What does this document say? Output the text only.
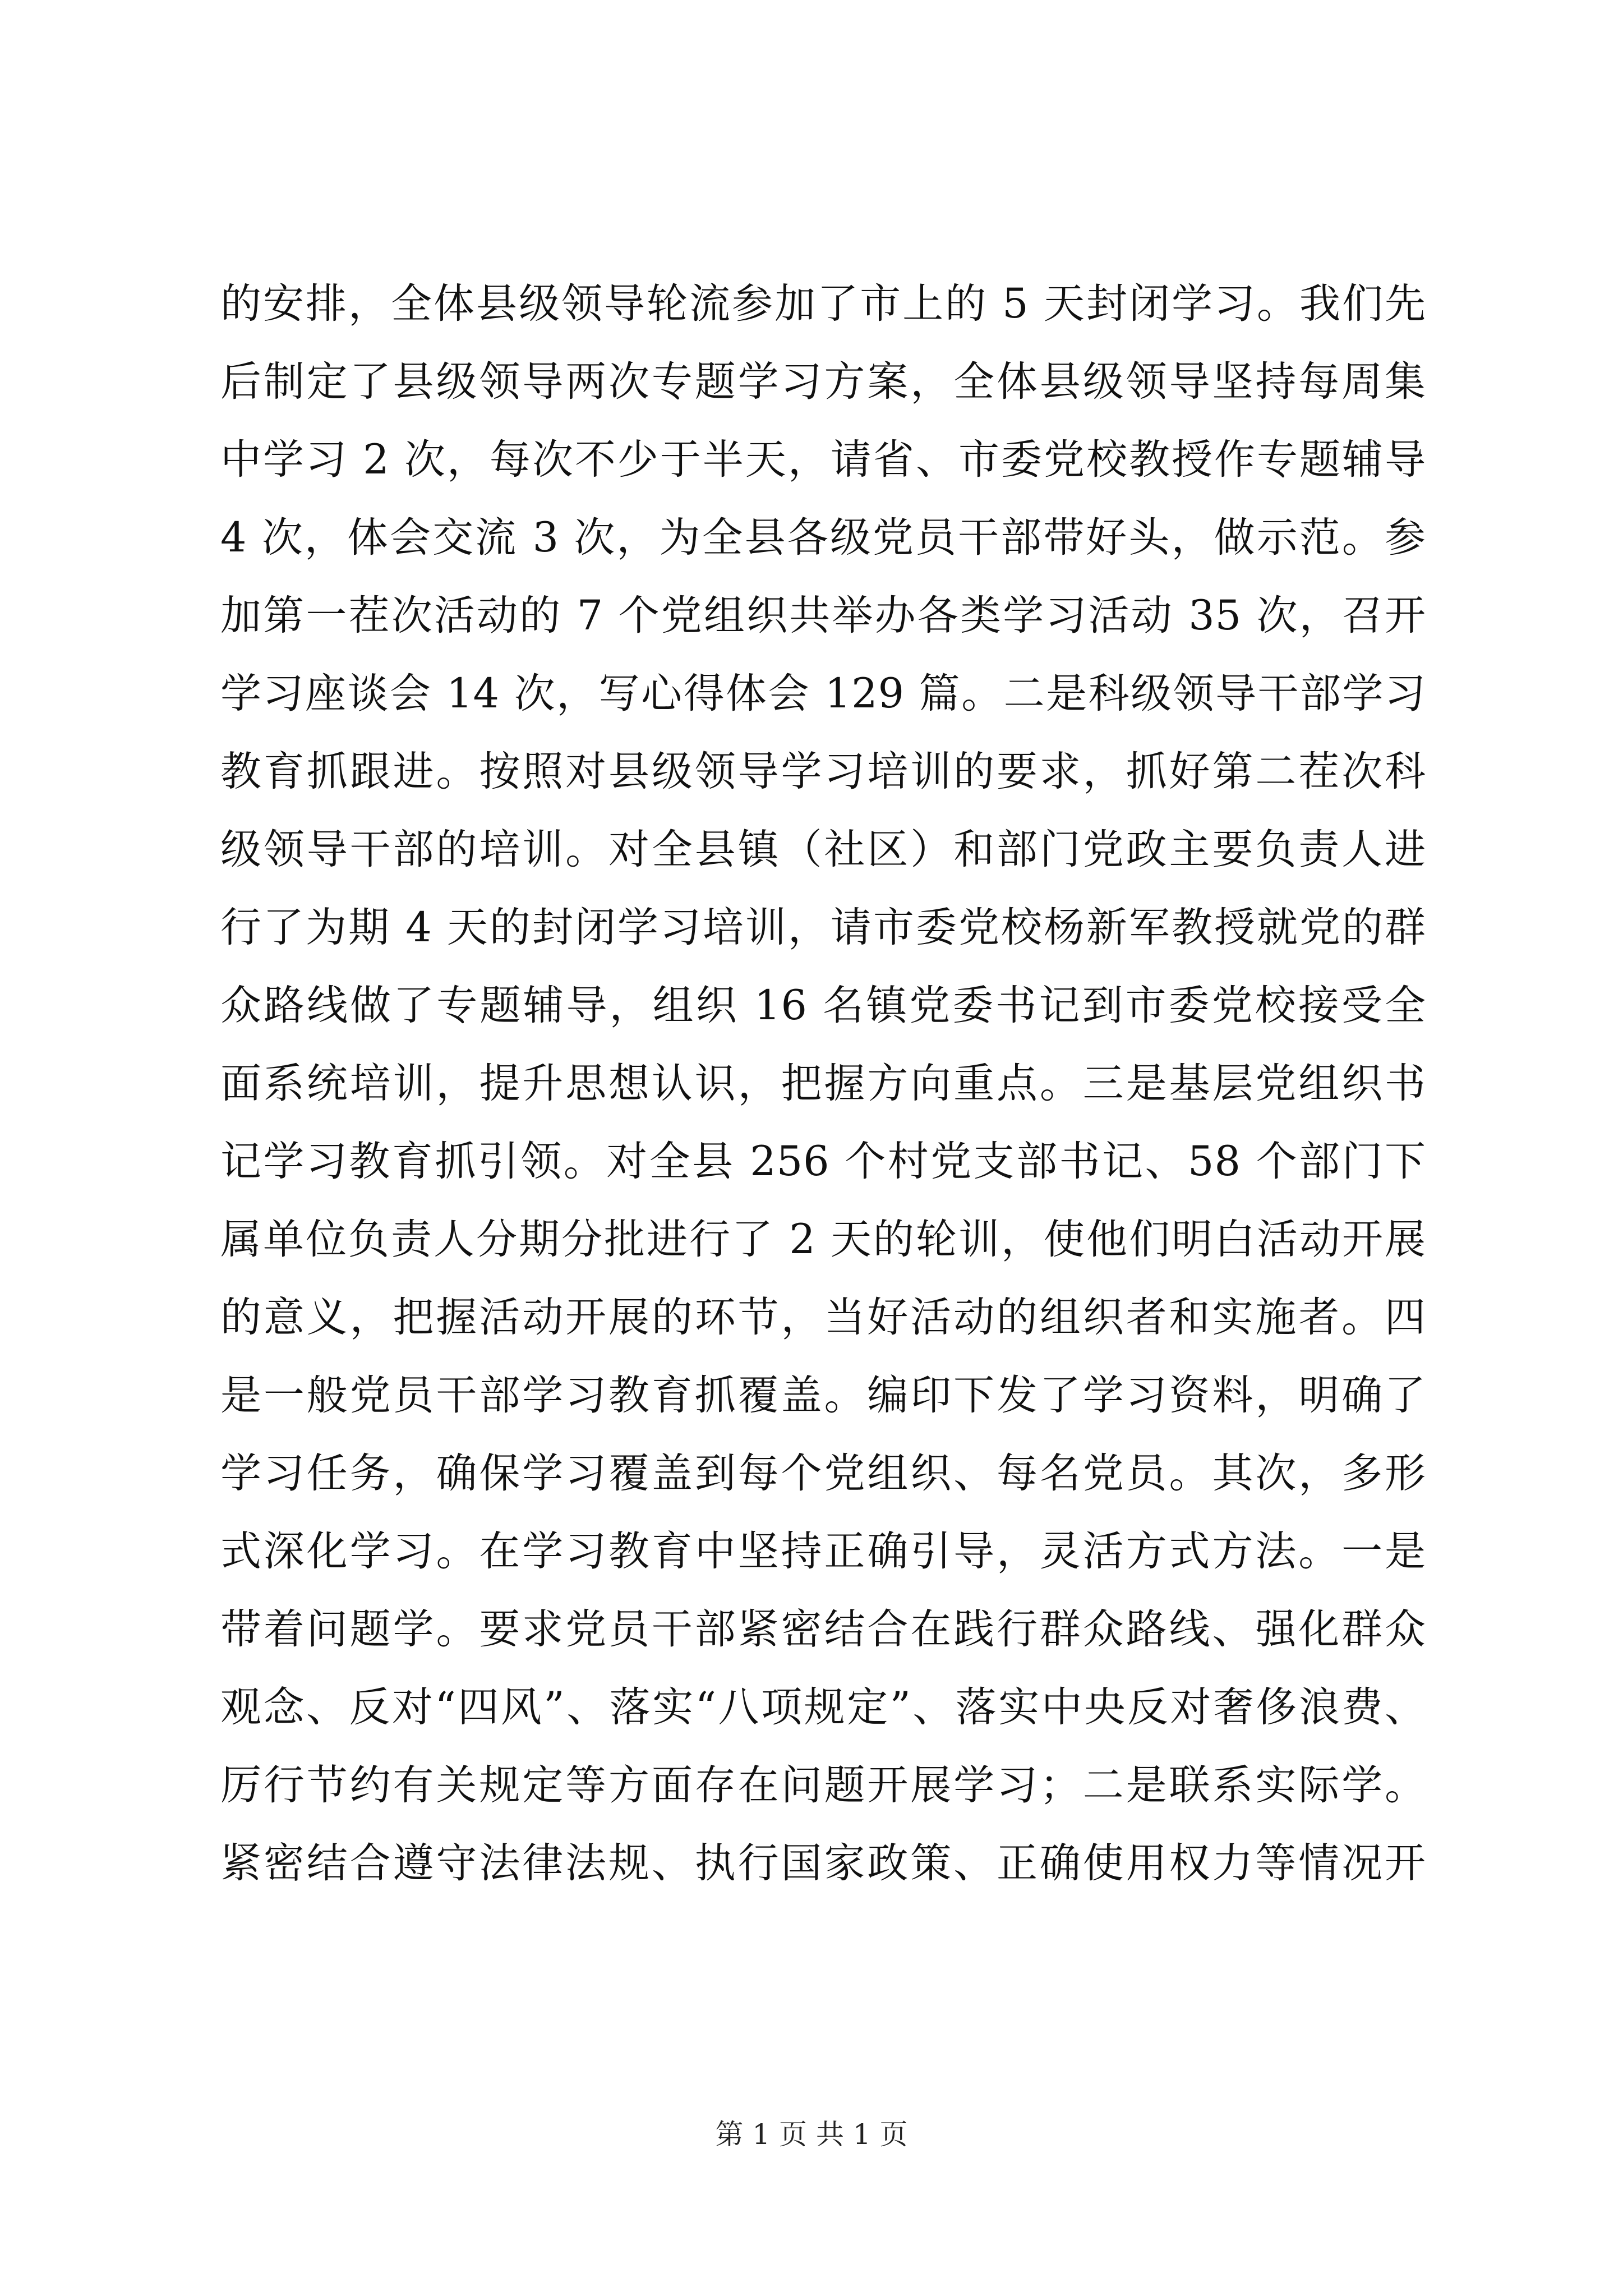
的安排，全体县级领导轮流参加了市上的 5 天封闭学习。我们先
后制定了县级领导两次专题学习方案，全体县级领导坚持每周集
中学习 2 次，每次不少于半天，请省、市委党校教授作专题辅导
4 次，体会交流 3 次，为全县各级党员干部带好头，做示范。参
加第一茬次活动的 7 个党组织共举办各类学习活动 35 次，召开
学习座谈会 14 次，写心得体会 129 篇。二是科级领导干部学习
教育抓跟进。按照对县级领导学习培训的要求，抓好第二茬次科
级领导干部的培训。对全县镇（社区）和部门党政主要负责人进
行了为期 4 天的封闭学习培训，请市委党校杨新军教授就党的群
众路线做了专题辅导，组织 16 名镇党委书记到市委党校接受全
面系统培训，提升思想认识，把握方向重点。三是基层党组织书
记学习教育抓引领。对全县 256 个村党支部书记、58 个部门下
属单位负责人分期分批进行了 2 天的轮训，使他们明白活动开展
的意义，把握活动开展的环节，当好活动的组织者和实施者。四
是一般党员干部学习教育抓覆盖。编印下发了学习资料，明确了
学习任务，确保学习覆盖到每个党组织、每名党员。其次，多形
式深化学习。在学习教育中坚持正确引导，灵活方式方法。一是
带着问题学。要求党员干部紧密结合在践行群众路线、强化群众
观念、反对“四风”、落实“八项规定”、落实中央反对奢侈浪费、
厉行节约有关规定等方面存在问题开展学习；二是联系实际学。
紧密结合遵守法律法规、执行国家政策、正确使用权力等情况开
第 1 页 共 1 页
